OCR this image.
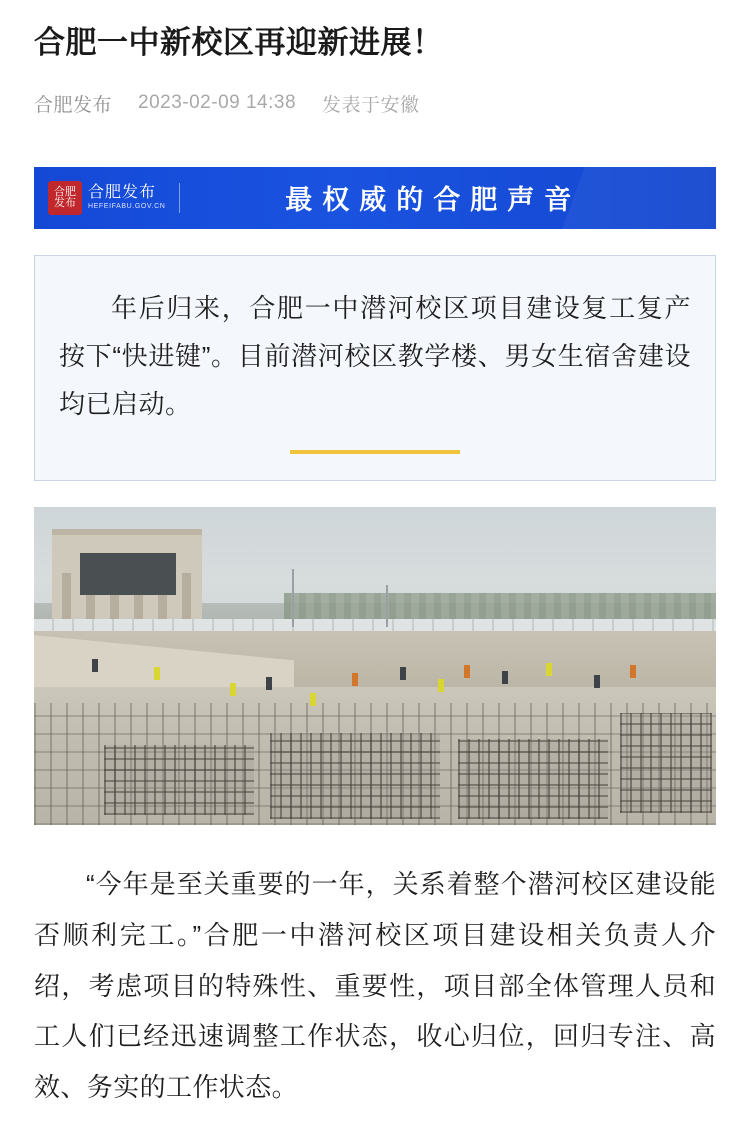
合肥一中新校区再迎新进展！
合肥发布 2023-02-09 14:38 发表于安徽
合肥发布
合肥发布
HEFEIFABU.GOV.CN	最权威的合肥声音
年后归来，合肥一中潜河校区项目建设复工复产按下“快进键”。目前潜河校区教学楼、男女生宿舍建设均已启动。

“今年是至关重要的一年，关系着整个潜河校区建设能否顺利完工。”合肥一中潜河校区项目建设相关负责人介绍，考虑项目的特殊性、重要性，项目部全体管理人员和工人们已经迅速调整工作状态，收心归位，回归专注、高效、务实的工作状态。
